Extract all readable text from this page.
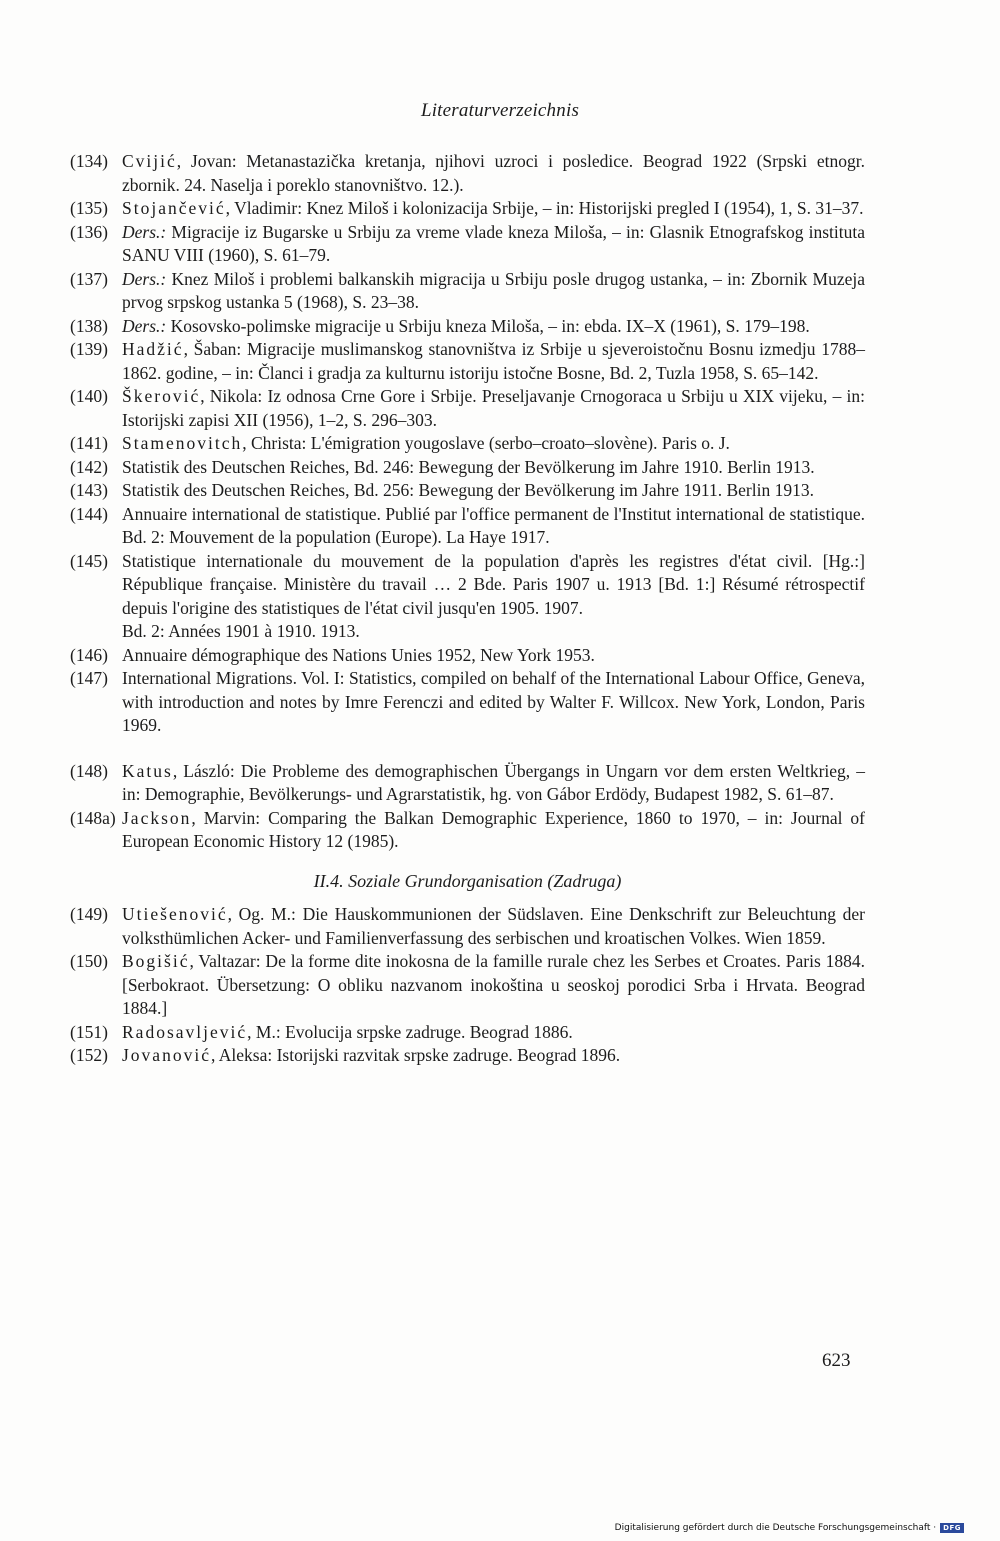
Literaturverzeichnis
(134) Cvijić, Jovan: Metanastazička kretanja, njihovi uzroci i posledice. Beograd 1922 (Srpski etnogr. zbornik. 24. Naselja i poreklo stanovništvo. 12.).
(135) Stojančević, Vladimir: Knez Miloš i kolonizacija Srbije, – in: Historijski pregled I (1954), 1, S. 31–37.
(136) Ders.: Migracije iz Bugarske u Srbiju za vreme vlade kneza Miloša, – in: Glasnik Etnografskog instituta SANU VIII (1960), S. 61–79.
(137) Ders.: Knez Miloš i problemi balkanskih migracija u Srbiju posle drugog ustanka, – in: Zbornik Muzeja prvog srpskog ustanka 5 (1968), S. 23–38.
(138) Ders.: Kosovsko-polimske migracije u Srbiju kneza Miloša, – in: ebda. IX–X (1961), S. 179–198.
(139) Hadžić, Šaban: Migracije muslimanskog stanovništva iz Srbije u sjeveroistočnu Bosnu izmedju 1788–1862. godine, – in: Članci i gradja za kulturnu istoriju istočne Bosne, Bd. 2, Tuzla 1958, S. 65–142.
(140) Škerović, Nikola: Iz odnosa Crne Gore i Srbije. Preseljavanje Crnogoraca u Srbiju u XIX vijeku, – in: Istorijski zapisi XII (1956), 1–2, S. 296–303.
(141) Stamenovitch, Christa: L'émigration yougoslave (serbo–croato–slovène). Paris o. J.
(142) Statistik des Deutschen Reiches, Bd. 246: Bewegung der Bevölkerung im Jahre 1910. Berlin 1913.
(143) Statistik des Deutschen Reiches, Bd. 256: Bewegung der Bevölkerung im Jahre 1911. Berlin 1913.
(144) Annuaire international de statistique. Publié par l'office permanent de l'Institut international de statistique. Bd. 2: Mouvement de la population (Europe). La Haye 1917.
(145) Statistique internationale du mouvement de la population d'après les registres d'état civil. [Hg.:] République française. Ministère du travail … 2 Bde. Paris 1907 u. 1913 [Bd. 1:] Résumé rétrospectif depuis l'origine des statistiques de l'état civil jusqu'en 1905. 1907.
Bd. 2: Années 1901 à 1910. 1913.
(146) Annuaire démographique des Nations Unies 1952, New York 1953.
(147) International Migrations. Vol. I: Statistics, compiled on behalf of the International Labour Office, Geneva, with introduction and notes by Imre Ferenczi and edited by Walter F. Willcox. New York, London, Paris 1969.
(148) Katus, László: Die Probleme des demographischen Übergangs in Ungarn vor dem ersten Weltkrieg, – in: Demographie, Bevölkerungs- und Agrarstatistik, hg. von Gábor Erdödy, Budapest 1982, S. 61–87.
(148a) Jackson, Marvin: Comparing the Balkan Demographic Experience, 1860 to 1970, – in: Journal of European Economic History 12 (1985).
II.4. Soziale Grundorganisation (Zadruga)
(149) Utiešenović, Og. M.: Die Hauskommunionen der Südslaven. Eine Denkschrift zur Beleuchtung der volksthümlichen Acker- und Familienverfassung des serbischen und kroatischen Volkes. Wien 1859.
(150) Bogišić, Valtazar: De la forme dite inokosna de la famille rurale chez les Serbes et Croates. Paris 1884. [Serbokraot. Übersetzung: O obliku nazvanom inokoština u seoskoj porodici Srba i Hrvata. Beograd 1884.]
(151) Radosavljević, M.: Evolucija srpske zadruge. Beograd 1886.
(152) Jovanović, Aleksa: Istorijski razvitak srpske zadruge. Beograd 1896.
623
Digitalisierung gefördert durch die Deutsche Forschungsgemeinschaft ·	DFG
